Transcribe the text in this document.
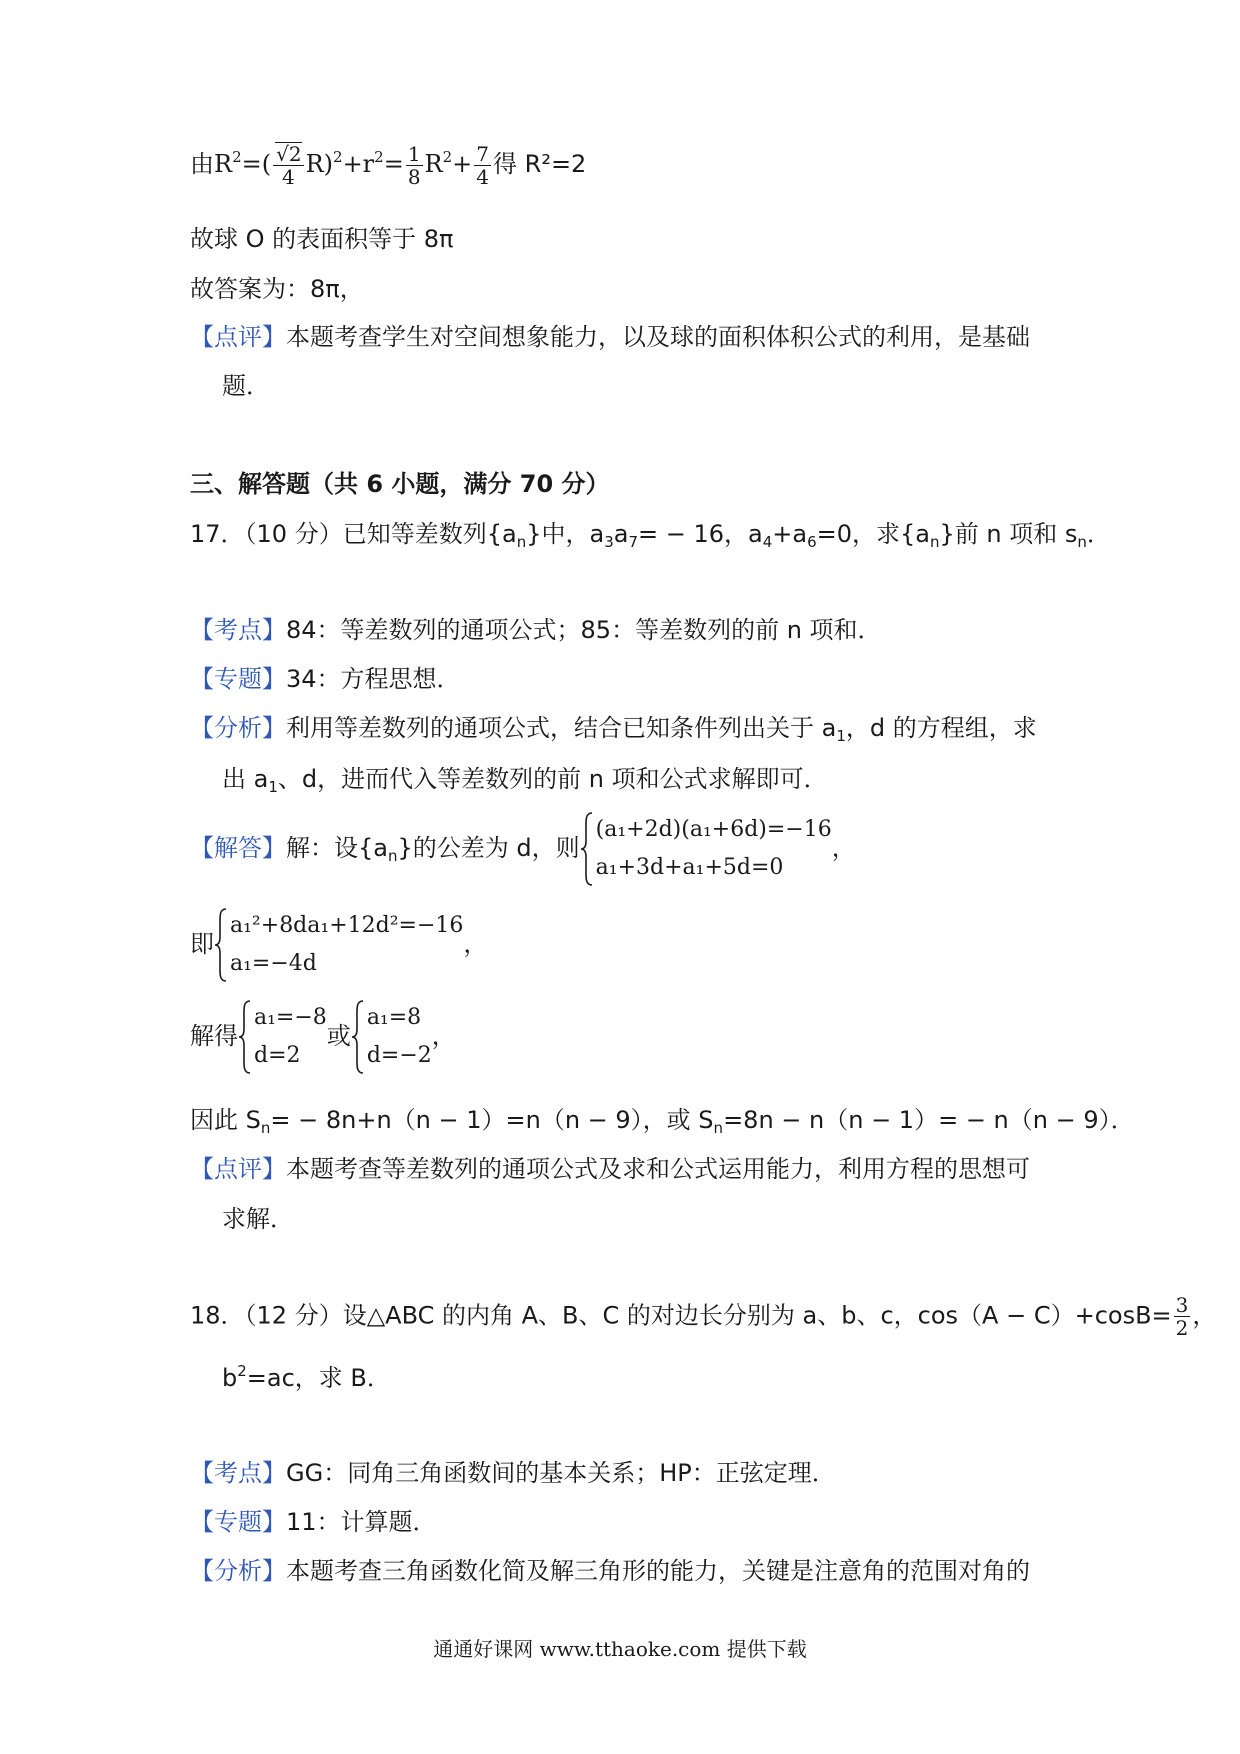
由$R^2=( \frac{√2}{4} R)^2+r^2= \frac{1}{8} R^2+ \frac{7}{4}$ 得 R²=2
故球 O 的表面积等于 8π
故答案为：8π，
【点评】本题考查学生对空间想象能力，以及球的面积体积公式的利用，是基础
题．
三、解答题（共 6 小题，满分 70 分）
17．（10 分）已知等差数列$\{a_n\}$中，$a_3a_7= - 16$，$a_4+a_6=0$，求$\{a_n\}$前 n 项和 $s_n$．
【考点】84：等差数列的通项公式；85：等差数列的前 n 项和．
【专题】34：方程思想．
【分析】利用等差数列的通项公式，结合已知条件列出关于 $a_1$，d 的方程组，求
出 $a_1$、d，进而代入等差数列的前 n 项和公式求解即可．
【解答】解：设$\{a_n\}$的公差为 d，则
(a₁+2d)(a₁+6d)=−16
a₁+3d+a₁+5d=0
，
即
a₁²+8da₁+12d²=−16
a₁=−4d
，
解得
a₁=−8
d=2
或
a₁=8
d=−2
，
因此 $S_n= - 8n+n(n - 1)=n(n - 9)$，或 $S_n=8n - n(n - 1)= - n(n - 9)$．
【点评】本题考查等差数列的通项公式及求和公式运用能力，利用方程的思想可
求解．
18．（12 分）设△ABC 的内角 A、B、C 的对边长分别为 a、b、c，$\cos(A - C)+\cos B= \frac{3}{2}$ ，
$b^2=ac$，求 B．
【考点】GG：同角三角函数间的基本关系；HP：正弦定理．
【专题】11：计算题．
【分析】本题考查三角函数化简及解三角形的能力，关键是注意角的范围对角的
通通好课网 www.tthaoke.com 提供下载
